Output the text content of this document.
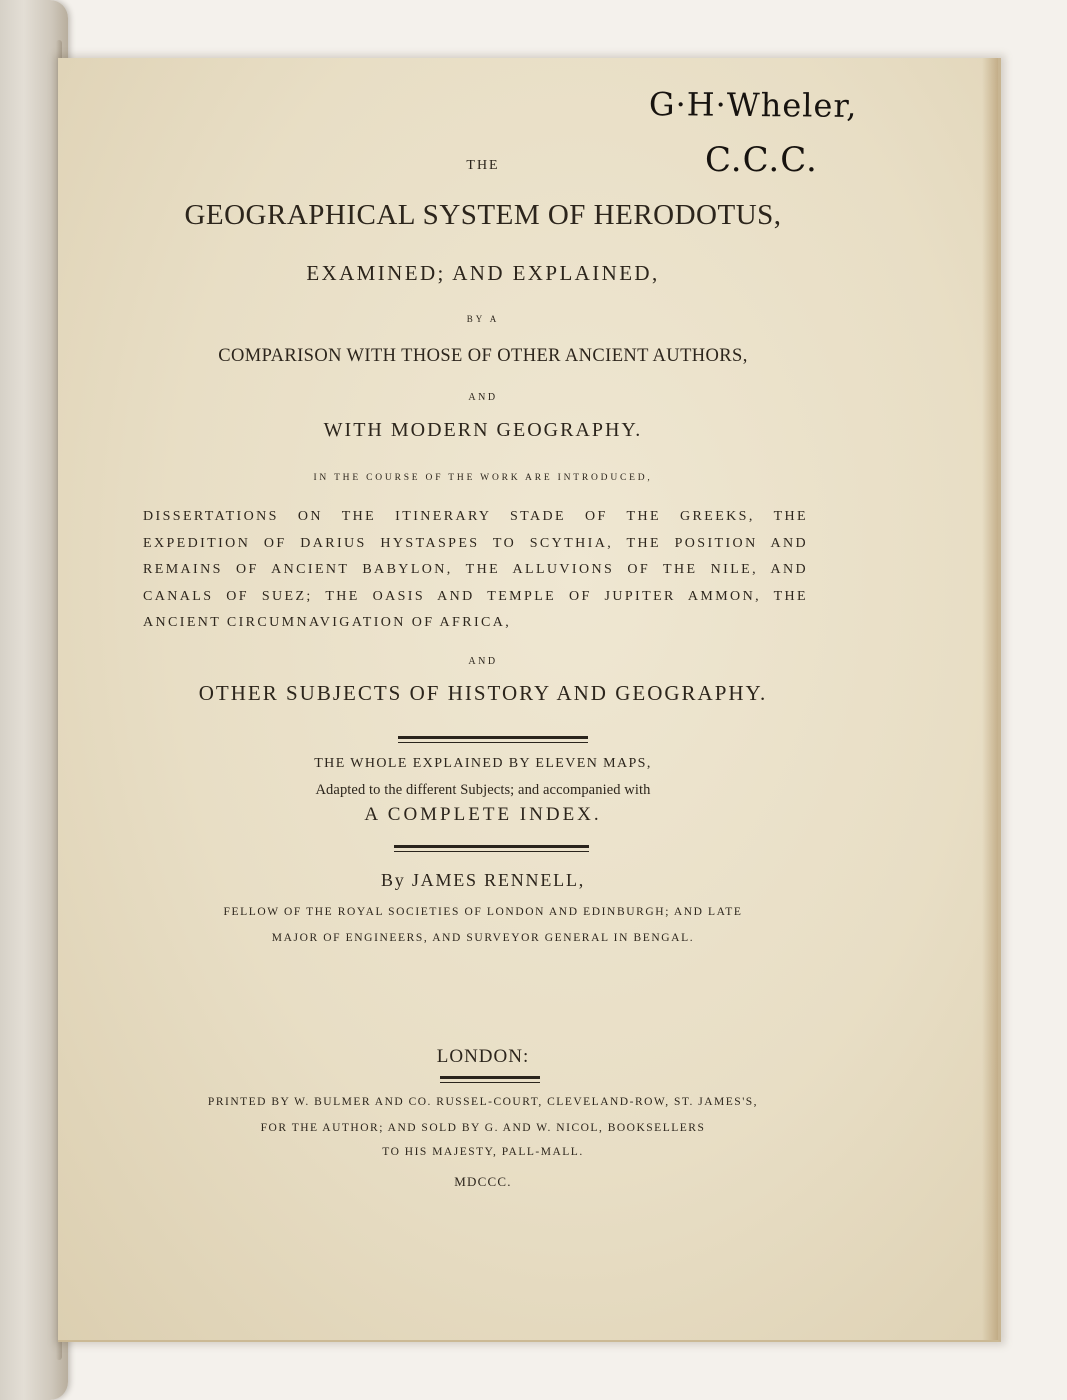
G·H·Wheler,
C.C.C.
THE
GEOGRAPHICAL SYSTEM OF HERODOTUS,
EXAMINED; AND EXPLAINED,
BY A
COMPARISON WITH THOSE OF OTHER ANCIENT AUTHORS,
AND
WITH MODERN GEOGRAPHY.
IN THE COURSE OF THE WORK ARE INTRODUCED,
DISSERTATIONS ON THE ITINERARY STADE OF THE GREEKS, THE EXPEDITION OF DARIUS HYSTASPES TO SCYTHIA, THE POSITION AND REMAINS OF ANCIENT BABYLON, THE ALLUVIONS OF THE NILE, AND CANALS OF SUEZ; THE OASIS AND TEMPLE OF JUPITER AMMON, THE ANCIENT CIRCUMNAVIGATION OF AFRICA,
AND
OTHER SUBJECTS OF HISTORY AND GEOGRAPHY.
THE WHOLE EXPLAINED BY ELEVEN MAPS,
Adapted to the different Subjects; and accompanied with
A COMPLETE INDEX.
By JAMES RENNELL,
FELLOW OF THE ROYAL SOCIETIES OF LONDON AND EDINBURGH; AND LATE
MAJOR OF ENGINEERS, AND SURVEYOR GENERAL IN BENGAL.
LONDON:
PRINTED BY W. BULMER AND CO. RUSSEL-COURT, CLEVELAND-ROW, ST. JAMES'S,
FOR THE AUTHOR; AND SOLD BY G. AND W. NICOL, BOOKSELLERS
TO HIS MAJESTY, PALL-MALL.
MDCCC.
